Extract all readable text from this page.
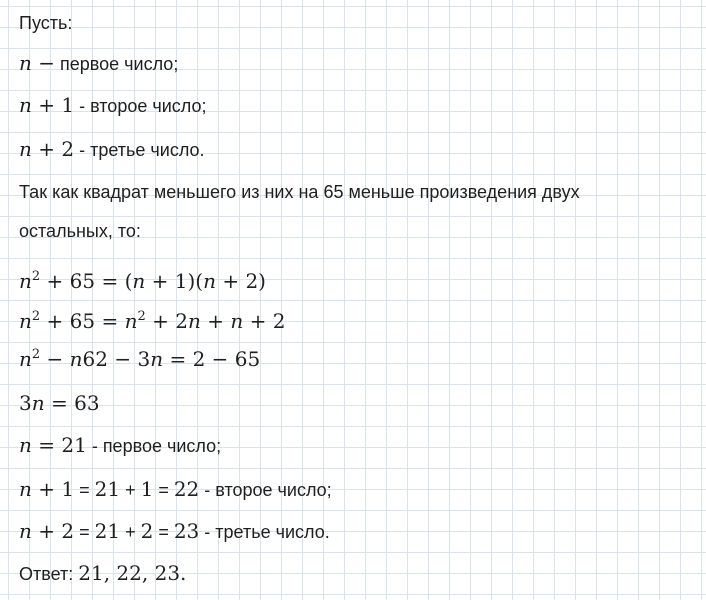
Пусть:
n − первое число;
n + 1 - второе число;
n + 2 - третье число.
Так как квадрат меньшего из них на 65 меньше произведения двух
остальных, то:
$n^2 + 65 = (n + 1)(n + 2)$
$n^2 + 65 = n^2 + 2n + n + 2$
$n^2 - n62 - 3n = 2 - 65$
3n = 63
n = 21 - первое число;
n + 1 = 21 + 1 = 22 - второе число;
n + 2 = 21 + 2 = 23 - третье число.
Ответ: 21, 22, 23.
